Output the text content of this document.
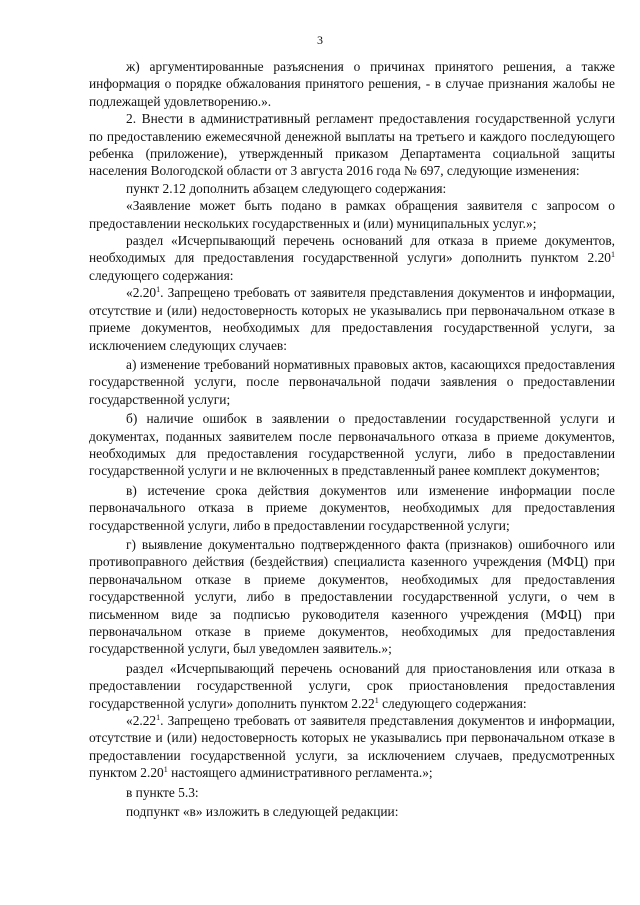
3

ж) аргументированные разъяснения о причинах принятого решения, а также информация о порядке обжалования принятого решения, - в случае признания жалобы не подлежащей удовлетворению.».

2. Внести в административный регламент предоставления государственной услуги по предоставлению ежемесячной денежной выплаты на третьего и каждого последующего ребенка (приложение), утвержденный приказом Департамента социальной защиты населения Вологодской области от 3 августа 2016 года № 697, следующие изменения:

пункт 2.12 дополнить абзацем следующего содержания:

«Заявление может быть подано в рамках обращения заявителя с запросом о предоставлении нескольких государственных и (или) муниципальных услуг.»;

раздел «Исчерпывающий перечень оснований для отказа в приеме документов, необходимых для предоставления государственной услуги» дополнить пунктом 2.20$^1$ следующего содержания:

«2.20$^1$. Запрещено требовать от заявителя представления документов и информации, отсутствие и (или) недостоверность которых не указывались при первоначальном отказе в приеме документов, необходимых для предоставления государственной услуги, за исключением следующих случаев:

а) изменение требований нормативных правовых актов, касающихся предоставления государственной услуги, после первоначальной подачи заявления о предоставлении государственной услуги;

б) наличие ошибок в заявлении о предоставлении государственной услуги и документах, поданных заявителем после первоначального отказа в приеме документов, необходимых для предоставления государственной услуги, либо в предоставлении государственной услуги и не включенных в представленный ранее комплект документов;

в) истечение срока действия документов или изменение информации после первоначального отказа в приеме документов, необходимых для предоставления государственной услуги, либо в предоставлении государственной услуги;

г) выявление документально подтвержденного факта (признаков) ошибочного или противоправного действия (бездействия) специалиста казенного учреждения (МФЦ) при первоначальном отказе в приеме документов, необходимых для предоставления государственной услуги, либо в предоставлении государственной услуги, о чем в письменном виде за подписью руководителя казенного учреждения (МФЦ) при первоначальном отказе в приеме документов, необходимых для предоставления государственной услуги, был уведомлен заявитель.»;

раздел «Исчерпывающий перечень оснований для приостановления или отказа в предоставлении государственной услуги, срок приостановления предоставления государственной услуги» дополнить пунктом 2.22$^1$ следующего содержания:

«2.22$^1$. Запрещено требовать от заявителя представления документов и информации, отсутствие и (или) недостоверность которых не указывались при первоначальном отказе в предоставлении государственной услуги, за исключением случаев, предусмотренных пунктом 2.20$^1$ настоящего административного регламента.»;

в пункте 5.3:

подпункт «в» изложить в следующей редакции:
